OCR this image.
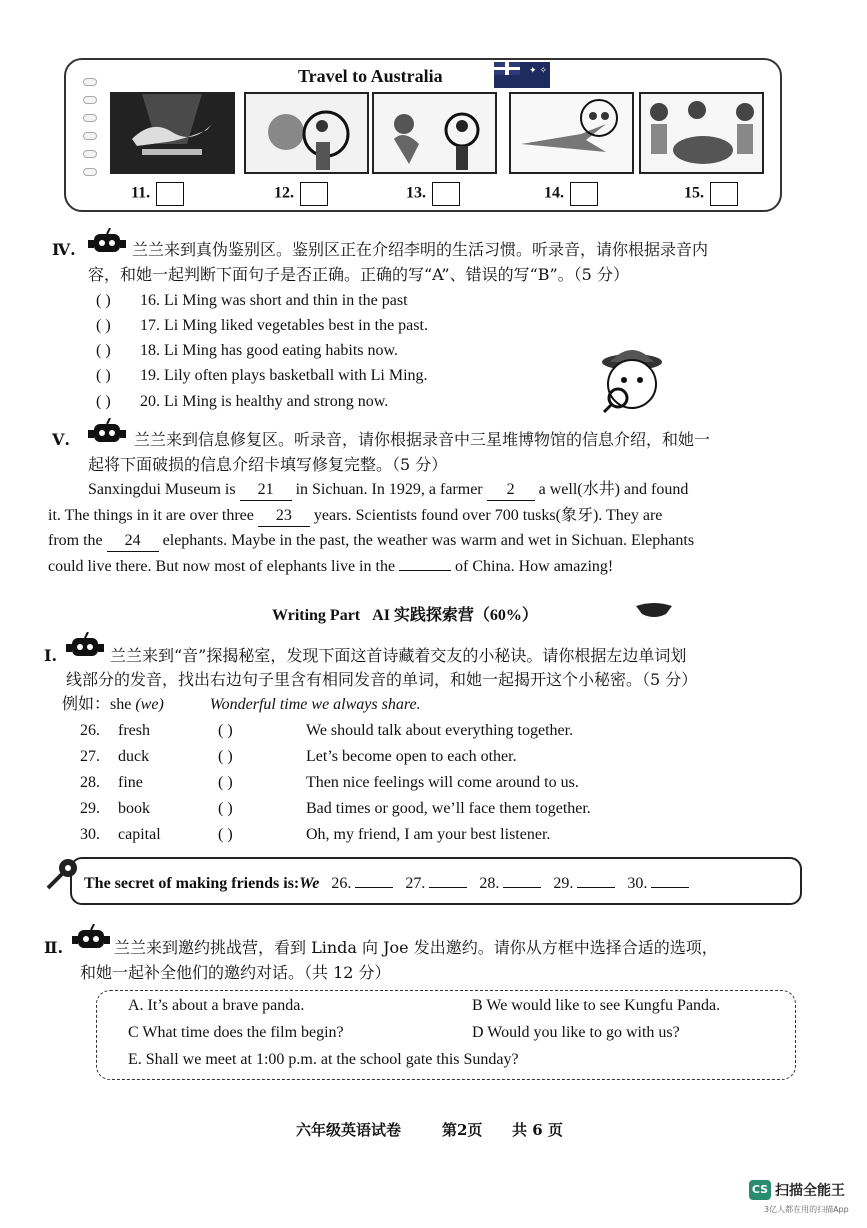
Travel to Australia
✦ ✧
11.	12.	13.	14.	15.
Ⅳ.	兰兰来到真伪鉴别区。鉴别区正在介绍李明的生活习惯。听录音，请你根据录音内
容，和她一起判断下面句子是否正确。正确的写“A”、错误的写“B”。（5 分）
( ) 16. Li Ming was short and thin in the past
( ) 17. Li Ming liked vegetables best in the past.
( ) 18. Li Ming has good eating habits now.
( ) 19. Lily often plays basketball with Li Ming.
( ) 20. Li Ming is healthy and strong now.
Ⅴ.	兰兰来到信息修复区。听录音，请你根据录音中三星堆博物馆的信息介绍，和她一
起将下面破损的信息介绍卡填写修复完整。（5 分）
Sanxingdui Museum is 21 in Sichuan. In 1929, a farmer 2 a well(水井) and found
it. The things in it are over three 23 years. Scientists found over 700 tusks(象牙). They are
from the 24 elephants. Maybe in the past, the weather was warm and wet in Sichuan. Elephants
could live there. But now most of elephants live in the	of China. How amazing!
Writing Part AI 实践探索营（60%）
I.	兰兰来到“音”探揭秘室，发现下面这首诗藏着交友的小秘诀。请你根据左边单词划
线部分的发音，找出右边句子里含有相同发音的单词，和她一起揭开这个小秘密。（5 分）
例如：she (we)	Wonderful time we always share.
26. fresh	( )	We should talk about everything together.
27. duck	( )	Let’s become open to each other.
28. fine	( )	Then nice feelings will come around to us.
29. book	( )	Bad times or good, we’ll face them together.
30. capital	( )	Oh, my friend, I am your best listener.
The secret of making friends is:We 26.	27.	28.	29.	30.
Ⅱ.	兰兰来到邀约挑战营，看到 Linda 向 Joe 发出邀约。请你从方框中选择合适的选项，
和她一起补全他们的邀约对话。（共 12 分）
A. It’s about a brave panda.	B We would like to see Kungfu Panda.
C What time does the film begin?	D Would you like to go with us?
E. Shall we meet at 1:00 p.m. at the school gate this Sunday?
六年级英语试卷	第2页 共 6 页
CS 扫描全能王
3亿人都在用的扫描App
